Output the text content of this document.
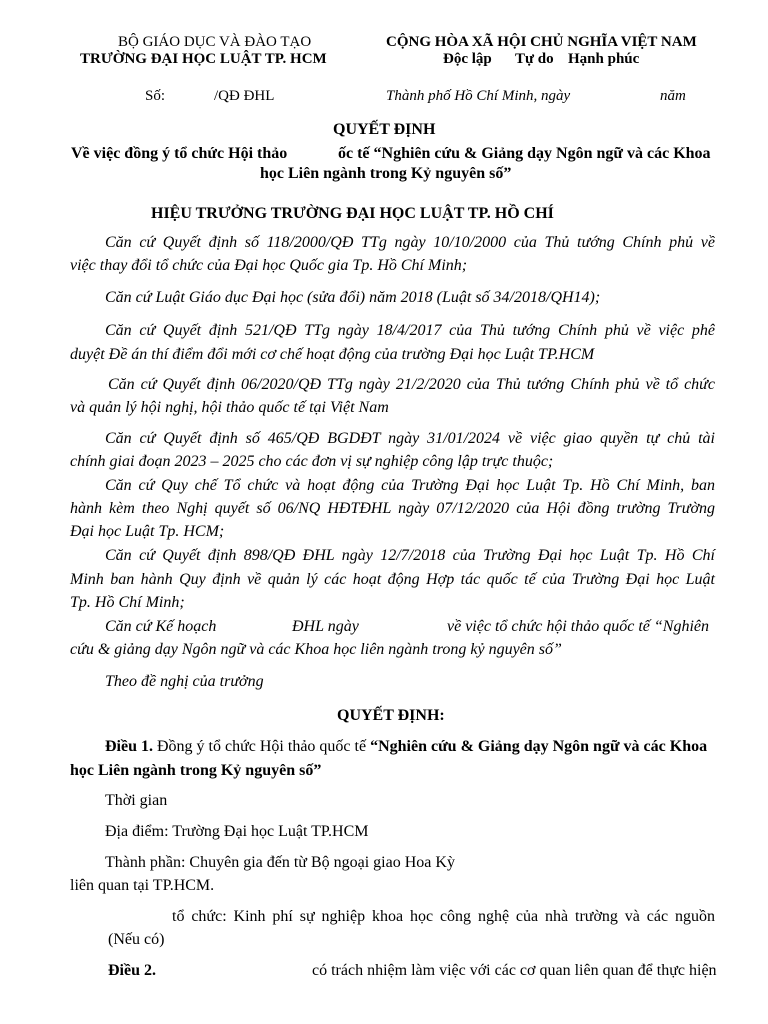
BỘ GIÁO DỤC VÀ ĐÀO TẠO
TRƯỜNG ĐẠI HỌC LUẬT TP. HCM
CỘNG HÒA XÃ HỘI CHỦ NGHĨA VIỆT NAM
Độc lập Tự do Hạnh phúc
Số:	/QĐ ĐHL	Thành phố Hồ Chí Minh, ngày	năm
QUYẾT ĐỊNH
Về việc đồng ý tổ chức Hội thảo	ốc tế “Nghiên cứu & Giảng dạy Ngôn ngữ và các Khoa
học Liên ngành trong Kỷ nguyên số”
HIỆU TRƯỞNG TRƯỜNG ĐẠI HỌC LUẬT TP. HỒ CHÍ
Căn cứ Quyết định số 118/2000/QĐ TTg ngày 10/10/2000 của Thủ tướng Chính phủ về
việc thay đổi tổ chức của Đại học Quốc gia Tp. Hồ Chí Minh;
Căn cứ Luật Giáo dục Đại học (sửa đổi) năm 2018 (Luật số 34/2018/QH14);
Căn cứ Quyết định 521/QĐ TTg ngày 18/4/2017 của Thủ tướng Chính phủ về việc phê
duyệt Đề án thí điểm đổi mới cơ chế hoạt động của trường Đại học Luật TP.HCM
Căn cứ Quyết định 06/2020/QĐ TTg ngày 21/2/2020 của Thủ tướng Chính phủ về tổ chức
và quản lý hội nghị, hội thảo quốc tế tại Việt Nam
Căn cứ Quyết định số 465/QĐ BGDĐT ngày 31/01/2024 về việc giao quyền tự chủ tài
chính giai đoạn 2023 – 2025 cho các đơn vị sự nghiệp công lập trực thuộc;
Căn cứ Quy chế Tổ chức và hoạt động của Trường Đại học Luật Tp. Hồ Chí Minh, ban
hành kèm theo Nghị quyết số 06/NQ HĐTĐHL ngày 07/12/2020 của Hội đồng trường Trường
Đại học Luật Tp. HCM;
Căn cứ Quyết định 898/QĐ ĐHL ngày 12/7/2018 của Trường Đại học Luật Tp. Hồ Chí
Minh ban hành Quy định về quản lý các hoạt động Hợp tác quốc tế của Trường Đại học Luật
Tp. Hồ Chí Minh;
Căn cứ Kế hoạch	ĐHL ngày	về việc tổ chức hội thảo quốc tế “Nghiên
cứu & giảng dạy Ngôn ngữ và các Khoa học liên ngành trong kỷ nguyên số”
Theo đề nghị của trưởng
QUYẾT ĐỊNH:
Điều 1. Đồng ý tổ chức Hội thảo quốc tế “Nghiên cứu & Giảng dạy Ngôn ngữ và các Khoa
học Liên ngành trong Kỷ nguyên số”
Thời gian
Địa điểm: Trường Đại học Luật TP.HCM
Thành phần: Chuyên gia đến từ Bộ ngoại giao Hoa Kỳ
liên quan tại TP.HCM.
tổ chức: Kinh phí sự nghiệp khoa học công nghệ của nhà trường và các nguồn
(Nếu có)
Điều 2.	có trách nhiệm làm việc với các cơ quan liên quan để thực hiện
